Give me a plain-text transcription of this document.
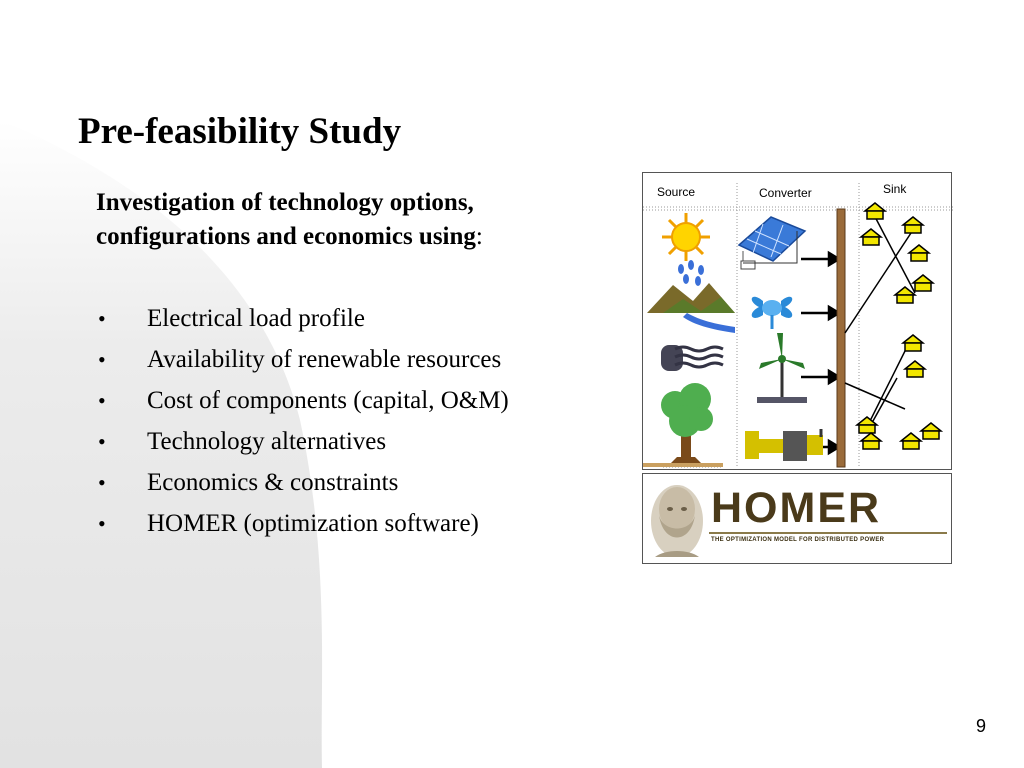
Pre-feasibility Study
Investigation of technology options, configurations and economics using:
• Electrical load profile
• Availability of renewable resources
• Cost of components (capital, O&M)
• Technology alternatives
• Economics & constraints
• HOMER (optimization software)
Source	Converter	Sink
HOMER
THE OPTIMIZATION MODEL FOR DISTRIBUTED POWER
9
